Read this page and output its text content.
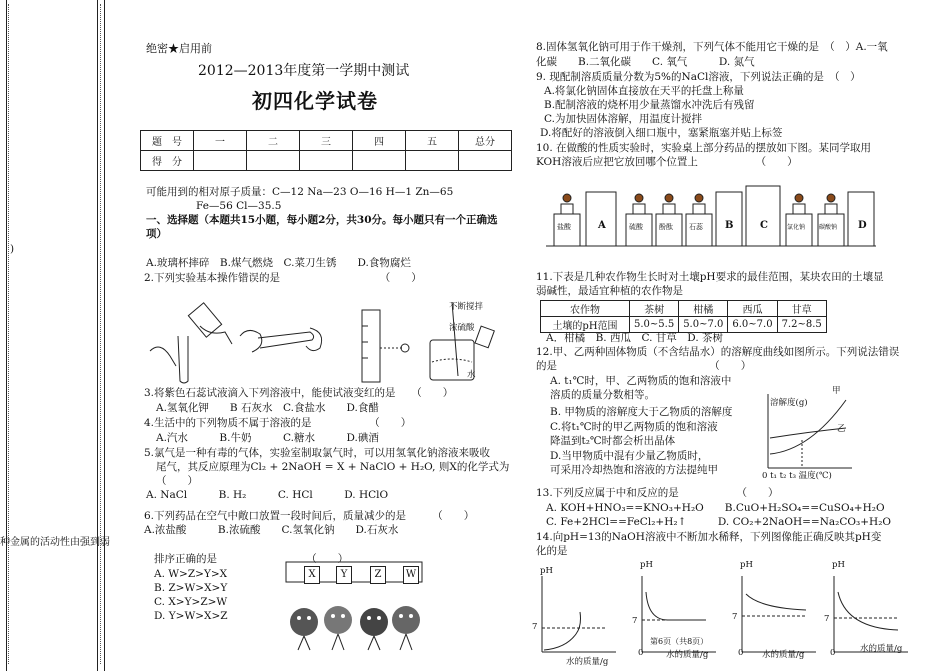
)
种金属的活动性由强到弱
绝密★启用前
2012—2013年度第一学期中测试
初四化学试卷
题　号	一	二	三	四	五	总分
得　分						
可能用到的相对原子质量：C—12 Na—23 O—16 H—1 Zn—65
Fe—56 Cl—35.5
一、选择题（本题共15小题，每小题2分，共30分。每小题只有一个正确选
项）
A.玻璃杯摔碎　B.煤气燃烧　C.菜刀生锈　　D.食物腐烂
2.下列实验基本操作错误的是　　　　　　　　　　（　　）
不断搅拌
浓硫酸
水
3.将紫色石蕊试液滴入下列溶液中，能使试液变红的是　　（　　）
A.氢氧化钾　　B 石灰水　C.食盐水　　D.食醋
4.生活中的下列物质不属于溶液的是　　　　　　（　　）
A.汽水　　　B.牛奶　　　C.糖水　　　D.碘酒
5.氯气是一种有毒的气体，实验室制取氯气时，可以用氢氧化钠溶液来吸收
尾气，其反应原理为Cl₂ + 2NaOH = X + NaClO + H₂O, 则X的化学式为
（　　）
A. NaCl　　　B. H₂　　　C. HCl　　　D. HClO
6.下列药品在空气中敞口放置一段时间后，质量减少的是　　　（　　）
A.浓盐酸　　　B.浓硫酸　　C.氢氧化钠　　D.石灰水
排序正确的是　　　　　　　　　（　　）
A. W>Z>Y>X
B. Z>W>X>Y
C. X>Y>Z>W
D. Y>W>X>Z
X	Y	Z	W
8.固体氢氧化钠可用于作干燥剂，下列气体不能用它干燥的是　（　）A.一氧
化碳　　B.二氧化碳　　C. 氧气　　　D. 氮气
9. 现配制溶质质量分数为5%的NaCl溶液，下列说法正确的是　（　）
A.将氯化钠固体直接放在天平的托盘上称量
B.配制溶液的烧杯用少量蒸馏水冲洗后有残留
C.为加快固体溶解，用温度计搅拌
D.将配好的溶液倒入细口瓶中，塞紧瓶塞并贴上标签
10. 在做酸的性质实验时，实验桌上部分药品的摆放如下图。某同学取用
KOH溶液后应把它放回哪个位置上　　　　　　（　　）
A	B	C	D
盐酸	硫酸 酚酞 石蕊	氯化钠 碳酸钠
11.下表是几种农作物生长时对土壤pH要求的最佳范围，某块农田的土壤显
弱碱性，最适宜种植的农作物是
农作物	茶树	柑橘	西瓜	甘草
土壤的pH范围	5.0~5.5	5.0~7.0	6.0~7.0	7.2~8.5
A．柑橘　B. 西瓜　C. 甘草　D. 茶树
12.甲、乙两种固体物质（不含结晶水）的溶解度曲线如图所示。下列说法错误
的是　　　　　　　　　　　　　　　（　　）
A. t₁℃时，甲、乙两物质的饱和溶液中
溶质的质量分数相等。
B. 甲物质的溶解度大于乙物质的溶解度
C.将t₁℃时的甲乙两物质的饱和溶液
降温到t₂℃时都会析出晶体
D.当甲物质中混有少量乙物质时，
可采用冷却热饱和溶液的方法提纯甲
溶解度(g)
甲
乙
0 t₁ t₂ t₃ 温度(℃)
13.下列反应属于中和反应的是　　　　　　（　　）
A. KOH+HNO₃==KNO₃+H₂O　　B.CuO+H₂SO₄==CuSO₄+H₂O
C. Fe+2HCl==FeCl₂+H₂↑　　　D. CO₂+2NaOH==Na₂CO₃+H₂O
14.向pH=13的NaOH溶液中不断加水稀释，下列图像能正确反映其pH变
化的是
pH
7
水的质量/g
pH
7
0	水的质量/g
pH
7
0 水的质量/g
pH
7
0	水的质量/g
第6页（共8页）
